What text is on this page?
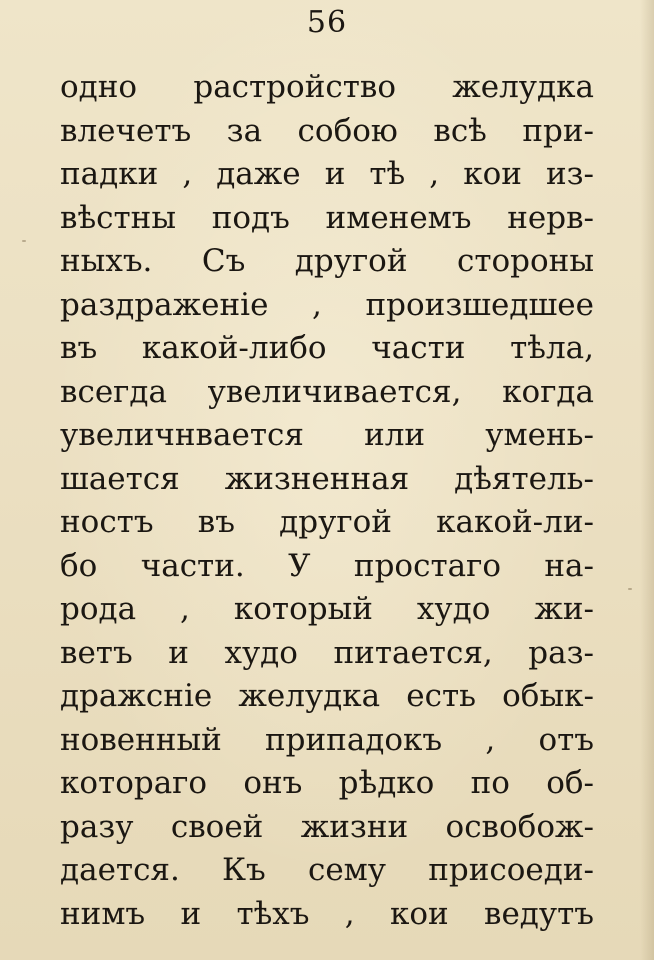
56
одно растройство желудка
влечетъ за собою всѣ при-
падки , даже и тѣ , кои из-
вѣстны подъ именемъ нерв-
ныхъ. Съ другой стороны
раздраженіе , произшедшее
въ какой-либо части тѣла,
всегда увеличивается, когда
увеличнвается или умень-
шается жизненная дѣятель-
ностъ въ другой какой-ли-
бо части. У простаго на-
рода , который худо жи-
ветъ и худо питается, раз-
дражсніе желудка есть обык-
новенный припадокъ , отъ
котораго онъ рѣдко по об-
разу своей жизни освобож-
дается. Къ сему присоеди-
нимъ и тѣхъ , кои ведутъ
